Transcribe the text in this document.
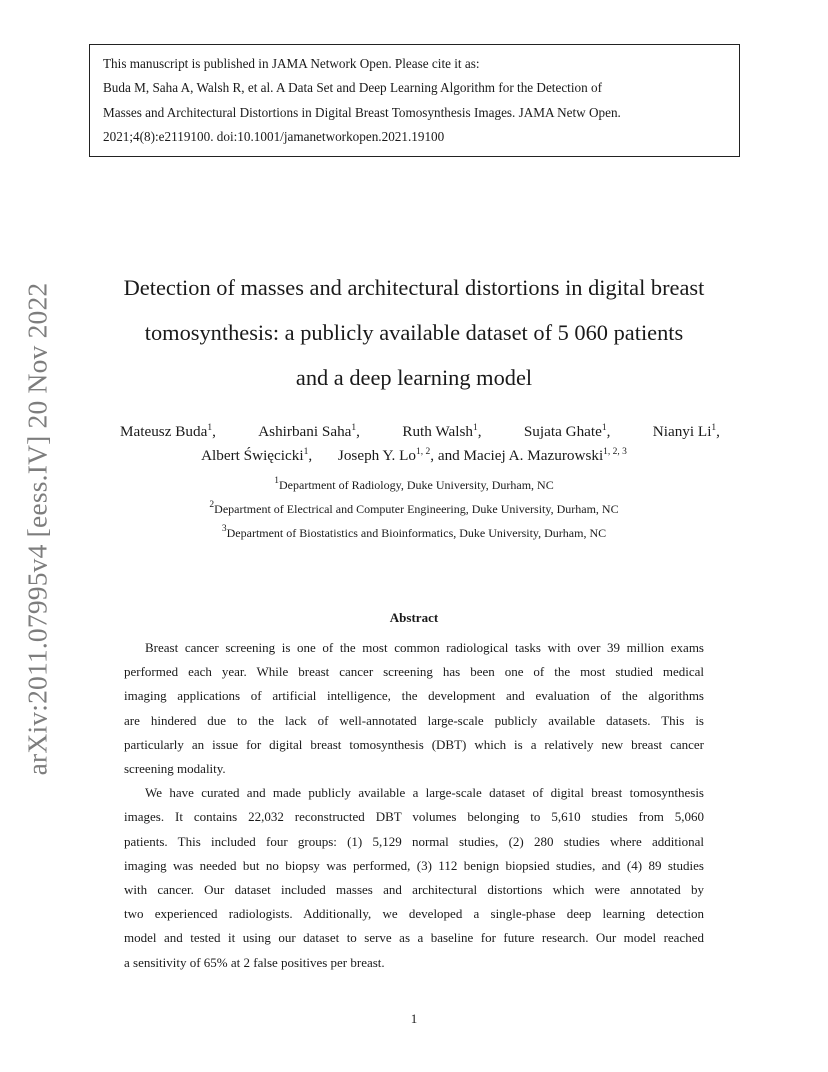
This manuscript is published in JAMA Network Open. Please cite it as:
Buda M, Saha A, Walsh R, et al. A Data Set and Deep Learning Algorithm for the Detection of
Masses and Architectural Distortions in Digital Breast Tomosynthesis Images. JAMA Netw Open.
2021;4(8):e2119100. doi:10.1001/jamanetworkopen.2021.19100
arXiv:2011.07995v4 [eess.IV] 20 Nov 2022	Detection of masses and architectural distortions in digital breast
tomosynthesis: a publicly available dataset of 5 060 patients
and a deep learning model
Mateusz Buda$^1$,	Ashirbani Saha$^1$,	Ruth Walsh$^1$,	Sujata Ghate$^1$,	Nianyi Li$^1$,
Albert Święcicki$^1$, Joseph Y. Lo$^{1, 2}$, and Maciej A. Mazurowski$^{1, 2, 3}$
$^1$Department of Radiology, Duke University, Durham, NC
$^2$Department of Electrical and Computer Engineering, Duke University, Durham, NC
$^3$Department of Biostatistics and Bioinformatics, Duke University, Durham, NC
Abstract
Breast cancer screening is one of the most common radiological tasks with over 39 million exams
performed each year. While breast cancer screening has been one of the most studied medical
imaging applications of artificial intelligence, the development and evaluation of the algorithms
are hindered due to the lack of well-annotated large-scale publicly available datasets. This is
particularly an issue for digital breast tomosynthesis (DBT) which is a relatively new breast cancer
screening modality.
We have curated and made publicly available a large-scale dataset of digital breast tomosynthesis
images. It contains 22,032 reconstructed DBT volumes belonging to 5,610 studies from 5,060
patients. This included four groups: (1) 5,129 normal studies, (2) 280 studies where additional
imaging was needed but no biopsy was performed, (3) 112 benign biopsied studies, and (4) 89 studies
with cancer. Our dataset included masses and architectural distortions which were annotated by
two experienced radiologists. Additionally, we developed a single-phase deep learning detection
model and tested it using our dataset to serve as a baseline for future research. Our model reached
a sensitivity of 65% at 2 false positives per breast.
1
